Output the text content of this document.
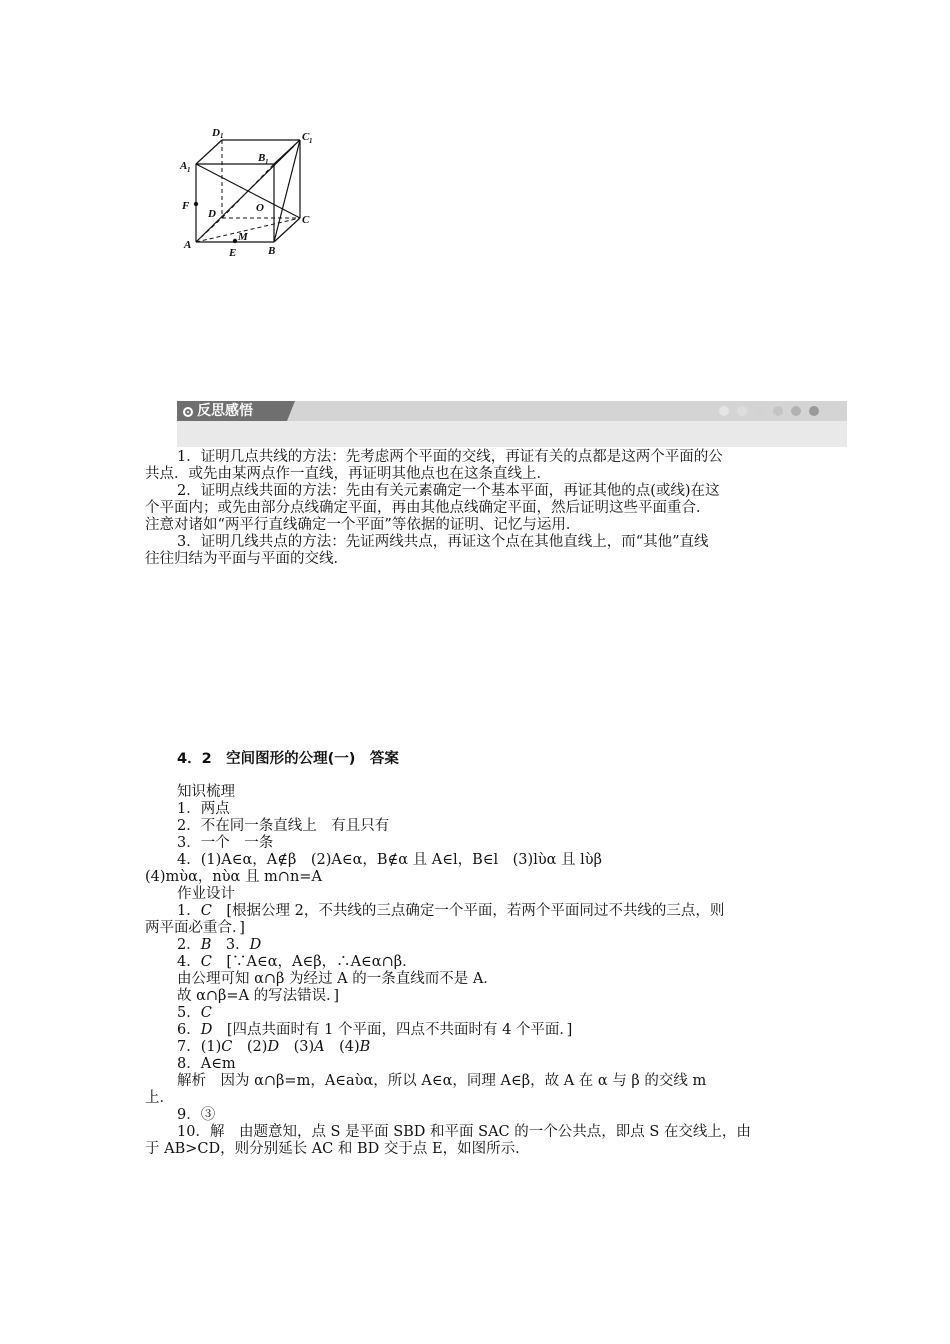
D 1	C 1
A 1
B 1
F
D	O
C
A
M
E	B
反思感悟
1．证明几点共线的方法：先考虑两个平面的交线，再证有关的点都是这两个平面的公
共点．或先由某两点作一直线，再证明其他点也在这条直线上．
2．证明点线共面的方法：先由有关元素确定一个基本平面，再证其他的点(或线)在这
个平面内；或先由部分点线确定平面，再由其他点线确定平面，然后证明这些平面重合．
注意对诸如“两平行直线确定一个平面”等依据的证明、记忆与运用．
3．证明几线共点的方法：先证两线共点，再证这个点在其他直线上，而“其他”直线
往往归结为平面与平面的交线．
4．2　空间图形的公理(一)　答案
知识梳理
1．两点
2．不在同一条直线上　有且只有
3．一个　一条
4．(1)A∈α，A∉β　(2)A∈α，B∉α 且 A∈l，B∈l　(3)lὺα 且 lὺβ
(4)mὺα，nὺα 且 m∩n=A
作业设计
1．C　 [根据公理 2，不共线的三点确定一个平面，若两个平面同过不共线的三点，则
两平面必重合．]
2．B　 3．D
4．C　 [∵A∈α，A∈β，∴A∈α∩β．
由公理可知 α∩β 为经过 A 的一条直线而不是 A．
故 α∩β=A 的写法错误．]
5．C
6．D　 [四点共面时有 1 个平面，四点不共面时有 4 个平面．]
7．(1)C　 (2)D　 (3)A　 (4)B
8．A∈m
解析　因为 α∩β=m，A∈aὺα，所以 A∈α，同理 A∈β，故 A 在 α 与 β 的交线 m
上．
9．③
10．解　由题意知，点 S 是平面 SBD 和平面 SAC 的一个公共点，即点 S 在交线上，由
于 AB>CD，则分别延长 AC 和 BD 交于点 E，如图所示．
